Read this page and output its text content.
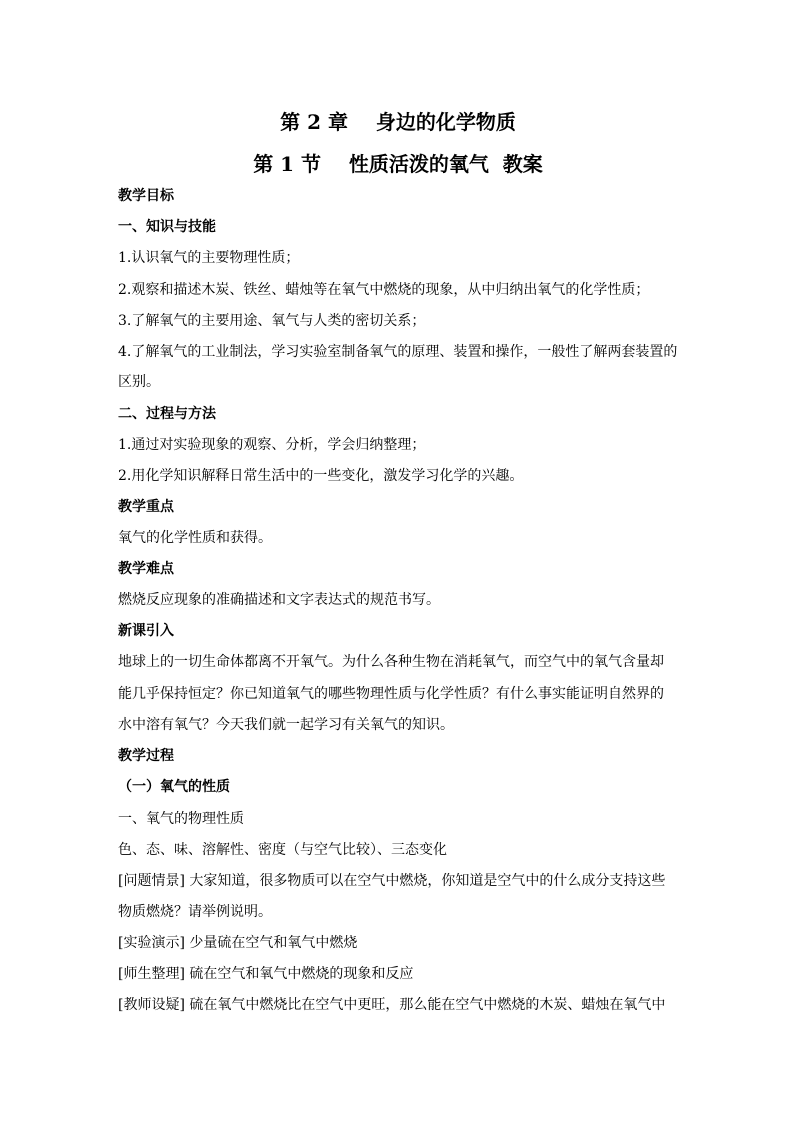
第 2 章    身边的化学物质
第 1 节    性质活泼的氧气  教案
教学目标
一、知识与技能
1.认识氧气的主要物理性质；
2.观察和描述木炭、铁丝、蜡烛等在氧气中燃烧的现象，从中归纳出氧气的化学性质；
3.了解氧气的主要用途、氧气与人类的密切关系；
4.了解氧气的工业制法，学习实验室制备氧气的原理、装置和操作，一般性了解两套装置的
区别。
二、过程与方法
1.通过对实验现象的观察、分析，学会归纳整理；
2.用化学知识解释日常生活中的一些变化，激发学习化学的兴趣。
教学重点
氧气的化学性质和获得。
教学难点
燃烧反应现象的准确描述和文字表达式的规范书写。
新课引入
地球上的一切生命体都离不开氧气。为什么各种生物在消耗氧气，而空气中的氧气含量却
能几乎保持恒定？你已知道氧气的哪些物理性质与化学性质？有什么事实能证明自然界的
水中溶有氧气？今天我们就一起学习有关氧气的知识。
教学过程
（一）氧气的性质
一、氧气的物理性质
色、态、味、溶解性、密度（与空气比较）、三态变化
[问题情景] 大家知道，很多物质可以在空气中燃烧，你知道是空气中的什么成分支持这些
物质燃烧？请举例说明。
[实验演示] 少量硫在空气和氧气中燃烧
[师生整理] 硫在空气和氧气中燃烧的现象和反应
[教师设疑] 硫在氧气中燃烧比在空气中更旺，那么能在空气中燃烧的木炭、蜡烛在氧气中
